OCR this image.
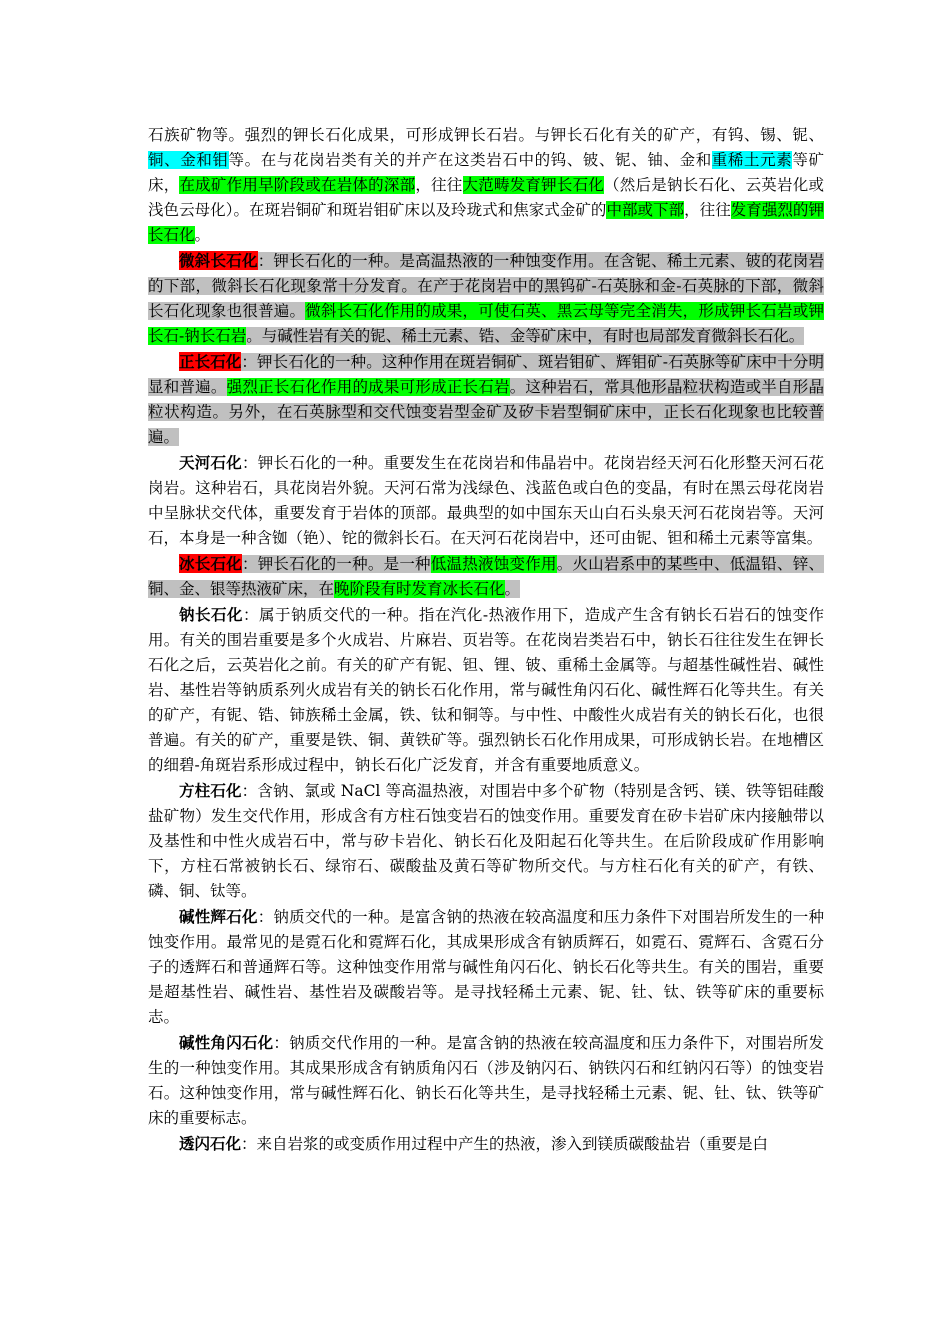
石族矿物等。强烈的钾长石化成果，可形成钾长石岩。与钾长石化有关的矿产，有钨、锡、铌、铜、金和钼等。在与花岗岩类有关的并产在这类岩石中的钨、铍、铌、铀、金和重稀土元素等矿床，在成矿作用早阶段或在岩体的深部，往往大范畴发育钾长石化（然后是钠长石化、云英岩化或浅色云母化）。在斑岩铜矿和斑岩钼矿床以及玲珑式和焦家式金矿的中部或下部，往往发育强烈的钾长石化。

微斜长石化：钾长石化的一种。是高温热液的一种蚀变作用。在含铌、稀土元素、铍的花岗岩的下部，微斜长石化现象常十分发育。在产于花岗岩中的黑钨矿-石英脉和金-石英脉的下部，微斜长石化现象也很普遍。微斜长石化作用的成果，可使石英、黑云母等完全消失，形成钾长石岩或钾长石-钠长石岩。与碱性岩有关的铌、稀土元素、锆、金等矿床中，有时也局部发育微斜长石化。

正长石化：钾长石化的一种。这种作用在斑岩铜矿、斑岩钼矿、辉钼矿-石英脉等矿床中十分明显和普遍。强烈正长石化作用的成果可形成正长石岩。这种岩石，常具他形晶粒状构造或半自形晶粒状构造。另外，在石英脉型和交代蚀变岩型金矿及矽卡岩型铜矿床中，正长石化现象也比较普遍。

天河石化：钾长石化的一种。重要发生在花岗岩和伟晶岩中。花岗岩经天河石化形整天河石花岗岩。这种岩石，具花岗岩外貌。天河石常为浅绿色、浅蓝色或白色的变晶，有时在黑云母花岗岩中呈脉状交代体，重要发育于岩体的顶部。最典型的如中国东天山白石头泉天河石花岗岩等。天河石，本身是一种含铷（铯）、铊的微斜长石。在天河石花岗岩中，还可由铌、钽和稀土元素等富集。

冰长石化：钾长石化的一种。是一种低温热液蚀变作用。火山岩系中的某些中、低温铅、锌、铜、金、银等热液矿床，在晚阶段有时发育冰长石化。

钠长石化：属于钠质交代的一种。指在汽化-热液作用下，造成产生含有钠长石岩石的蚀变作用。有关的围岩重要是多个火成岩、片麻岩、页岩等。在花岗岩类岩石中，钠长石往往发生在钾长石化之后，云英岩化之前。有关的矿产有铌、钽、锂、铍、重稀土金属等。与超基性碱性岩、碱性岩、基性岩等钠质系列火成岩有关的钠长石化作用，常与碱性角闪石化、碱性辉石化等共生。有关的矿产，有铌、锆、铈族稀土金属，铁、钛和铜等。与中性、中酸性火成岩有关的钠长石化，也很普遍。有关的矿产，重要是铁、铜、黄铁矿等。强烈钠长石化作用成果，可形成钠长岩。在地槽区的细碧-角斑岩系形成过程中，钠长石化广泛发育，并含有重要地质意义。

方柱石化：含钠、氯或 NaCl 等高温热液，对围岩中多个矿物（特别是含钙、镁、铁等铝硅酸盐矿物）发生交代作用，形成含有方柱石蚀变岩石的蚀变作用。重要发育在矽卡岩矿床内接触带以及基性和中性火成岩石中，常与矽卡岩化、钠长石化及阳起石化等共生。在后阶段成矿作用影响下，方柱石常被钠长石、绿帘石、碳酸盐及黄石等矿物所交代。与方柱石化有关的矿产，有铁、磷、铜、钛等。

碱性辉石化：钠质交代的一种。是富含钠的热液在较高温度和压力条件下对围岩所发生的一种蚀变作用。最常见的是霓石化和霓辉石化，其成果形成含有钠质辉石，如霓石、霓辉石、含霓石分子的透辉石和普通辉石等。这种蚀变作用常与碱性角闪石化、钠长石化等共生。有关的围岩，重要是超基性岩、碱性岩、基性岩及碳酸岩等。是寻找轻稀土元素、铌、钍、钛、铁等矿床的重要标志。

碱性角闪石化：钠质交代作用的一种。是富含钠的热液在较高温度和压力条件下，对围岩所发生的一种蚀变作用。其成果形成含有钠质角闪石（涉及钠闪石、钠铁闪石和红钠闪石等）的蚀变岩石。这种蚀变作用，常与碱性辉石化、钠长石化等共生，是寻找轻稀土元素、铌、钍、钛、铁等矿床的重要标志。

透闪石化：来自岩浆的或变质作用过程中产生的热液，渗入到镁质碳酸盐岩（重要是白
